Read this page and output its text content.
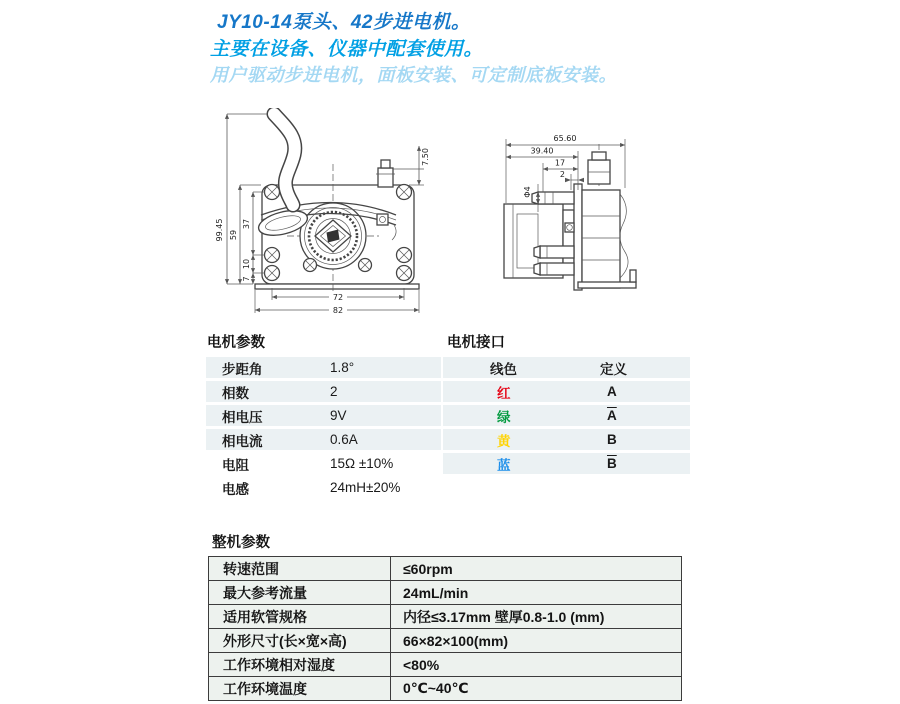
JY10-14泵头、42步进电机。
主要在设备、仪器中配套使用。
用户驱动步进电机，面板安装、可定制底板安装。
99.45 59
37
10
7
7.50
72
82
65.60
39.40
17
2
Φ4
电机参数
步距角	1.8°
相数	2
相电压	9V
相电流	0.6A
电阻	15Ω ±10%
电感	24mH±20%
电机接口
线色	定义
红	A
绿	$\overline{A}$
黄	B
蓝	$\overline{B}$
整机参数
转速范围	≤60rpm
最大参考流量	24mL/min
适用软管规格	内径≤3.17mm 壁厚0.8-1.0 (mm)
外形尺寸(长×宽×高)	66×82×100(mm)
工作环境相对湿度	<80%
工作环境温度	0℃~40℃
